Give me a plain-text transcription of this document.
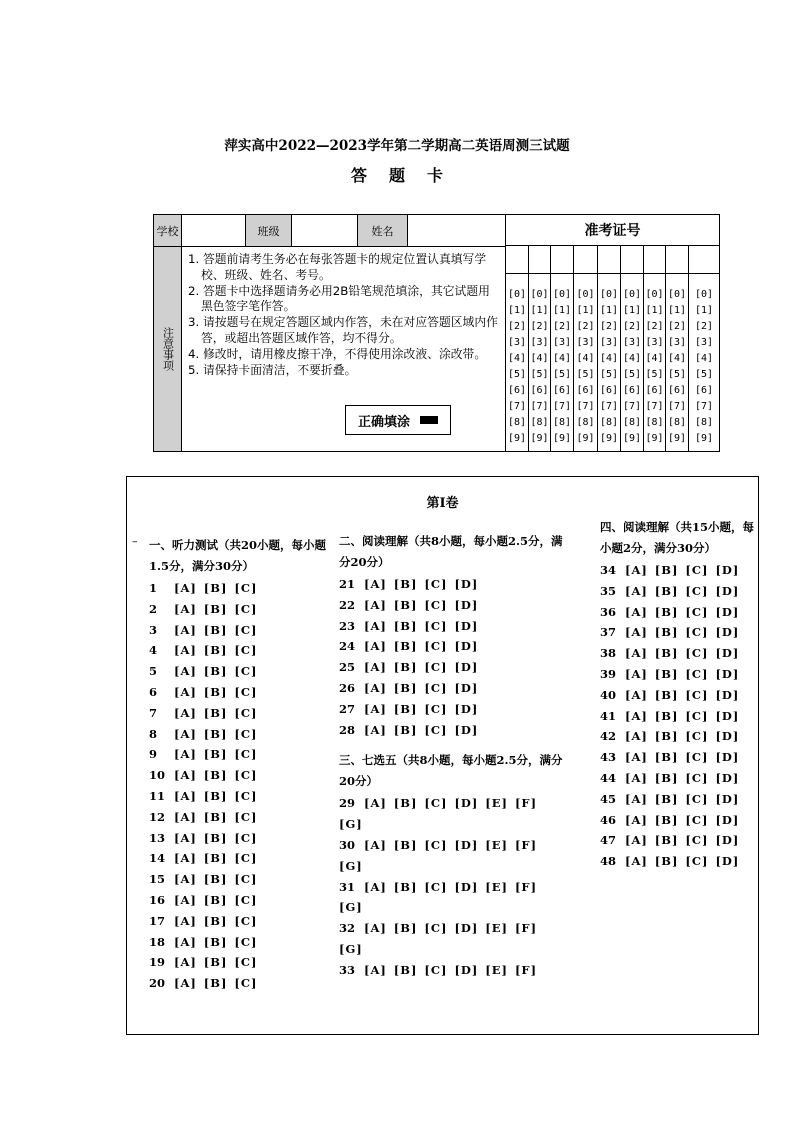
萍实高中2022—2023学年第二学期高二英语周测三试题
答题卡
学校	班级	姓名
注意事项

1. 答题前请考生务必在每张答题卡的规定位置认真填写学校、班级、姓名、考号。

2. 答题卡中选择题请务必用2B铅笔规范填涂，其它试题用黑色签字笔作答。

3. 请按题号在规定答题区域内作答，未在对应答题区域内作答，或超出答题区域作答，均不得分。

4. 修改时，请用橡皮擦干净，不得使用涂改液、涂改带。

5. 请保持卡面清洁，不要折叠。

正确填涂
准考证号
[0]
[1]
[2]
[3]
[4]
[5]
[6]
[7]
[8]
[9]
[0]
[1]
[2]
[3]
[4]
[5]
[6]
[7]
[8]
[9]
[0]
[1]
[2]
[3]
[4]
[5]
[6]
[7]
[8]
[9]
[0]
[1]
[2]
[3]
[4]
[5]
[6]
[7]
[8]
[9]
[0]
[1]
[2]
[3]
[4]
[5]
[6]
[7]
[8]
[9]
[0]
[1]
[2]
[3]
[4]
[5]
[6]
[7]
[8]
[9]
[0]
[1]
[2]
[3]
[4]
[5]
[6]
[7]
[8]
[9]
[0]
[1]
[2]
[3]
[4]
[5]
[6]
[7]
[8]
[9]
[0]
[1]
[2]
[3]
[4]
[5]
[6]
[7]
[8]
[9]
第Ⅰ卷
– 一、听力测试（共20小题，每小题1.5分，满分30分）
1 [A] [B] [C]
2 [A] [B] [C]
3 [A] [B] [C]
4 [A] [B] [C]
5 [A] [B] [C]
6 [A] [B] [C]
7 [A] [B] [C]
8 [A] [B] [C]
9 [A] [B] [C]
10 [A] [B] [C]
11 [A] [B] [C]
12 [A] [B] [C]
13 [A] [B] [C]
14 [A] [B] [C]
15 [A] [B] [C]
16 [A] [B] [C]
17 [A] [B] [C]
18 [A] [B] [C]
19 [A] [B] [C]
20 [A] [B] [C]
二、阅读理解（共8小题，每小题2.5分，满分20分）
21 [A] [B] [C] [D]
22 [A] [B] [C] [D]
23 [A] [B] [C] [D]
24 [A] [B] [C] [D]
25 [A] [B] [C] [D]
26 [A] [B] [C] [D]
27 [A] [B] [C] [D]
28 [A] [B] [C] [D]
三、七选五（共8小题，每小题2.5分，满分20分）
29 [A] [B] [C] [D] [E] [F]
[G]
30 [A] [B] [C] [D] [E] [F]
[G]
31 [A] [B] [C] [D] [E] [F]
[G]
32 [A] [B] [C] [D] [E] [F]
[G]
33 [A] [B] [C] [D] [E] [F]
四、阅读理解（共15小题，每小题2分，满分30分）
34 [A] [B] [C] [D]
35 [A] [B] [C] [D]
36 [A] [B] [C] [D]
37 [A] [B] [C] [D]
38 [A] [B] [C] [D]
39 [A] [B] [C] [D]
40 [A] [B] [C] [D]
41 [A] [B] [C] [D]
42 [A] [B] [C] [D]
43 [A] [B] [C] [D]
44 [A] [B] [C] [D]
45 [A] [B] [C] [D]
46 [A] [B] [C] [D]
47 [A] [B] [C] [D]
48 [A] [B] [C] [D]
